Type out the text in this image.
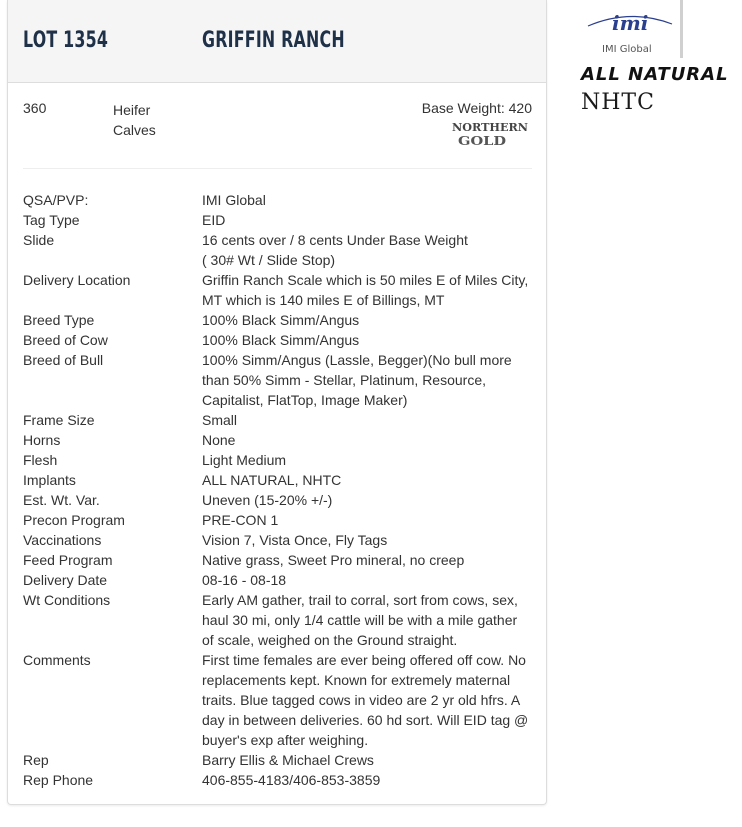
LOT 1354	GRIFFIN RANCH
360	Heifer
Calves
Base Weight: 420
NORTHERN
GOLD
QSA/PVP:	IMI Global
Tag Type	EID
Slide	16 cents over / 8 cents Under Base Weight
( 30# Wt / Slide Stop)
Delivery Location	Griffin Ranch Scale which is 50 miles E of Miles City,
MT which is 140 miles E of Billings, MT
Breed Type	100% Black Simm/Angus
Breed of Cow	100% Black Simm/Angus
Breed of Bull	100% Simm/Angus (Lassle, Begger)(No bull more
than 50% Simm - Stellar, Platinum, Resource,
Capitalist, FlatTop, Image Maker)
Frame Size	Small
Horns	None
Flesh	Light Medium
Implants	ALL NATURAL, NHTC
Est. Wt. Var.	Uneven (15-20% +/-)
Precon Program	PRE-CON 1
Vaccinations	Vision 7, Vista Once, Fly Tags
Feed Program	Native grass, Sweet Pro mineral, no creep
Delivery Date	08-16 - 08-18
Wt Conditions	Early AM gather, trail to corral, sort from cows, sex,
haul 30 mi, only 1/4 cattle will be with a mile gather
of scale, weighed on the Ground straight.
Comments	First time females are ever being offered off cow. No
replacements kept. Known for extremely maternal
traits. Blue tagged cows in video are 2 yr old hfrs. A
day in between deliveries. 60 hd sort. Will EID tag @
buyer's exp after weighing.
Rep	Barry Ellis & Michael Crews
Rep Phone	406-855-4183/406-853-3859
imi
IMI Global
ALL NATURAL
NHTC
